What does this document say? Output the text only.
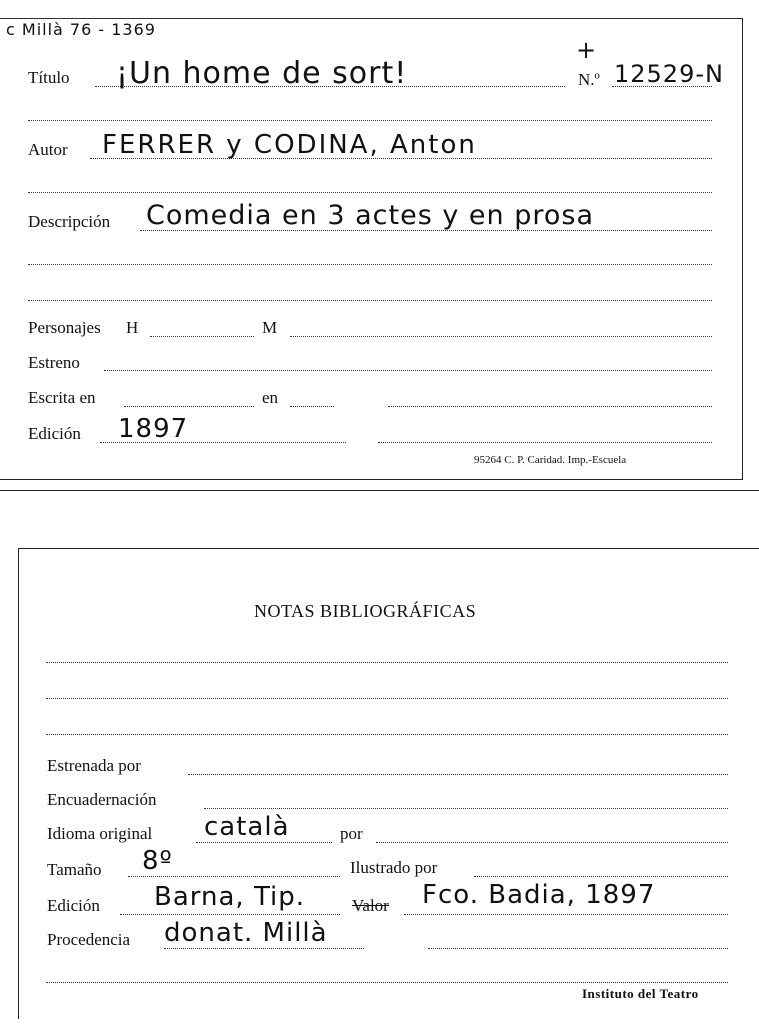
c Millà 76 - 1369
Título ¡Un home de sort!
+
N.º 12529-N
Autor FERRER y CODINA, Anton
Descripción Comedia en 3 actes y en prosa
Personajes H	M
Estreno
Escrita en	en
Edición 1897
95264 C. P. Caridad. Imp.-Escuela
NOTAS BIBLIOGRÁFICAS
Estrenada por
Encuadernación
Idioma original català	por
Tamaño 8º	Ilustrado por
Edición Barna, Tip.	Valor Fco. Badia, 1897
Procedencia donat. Millà
Instituto del Teatro
